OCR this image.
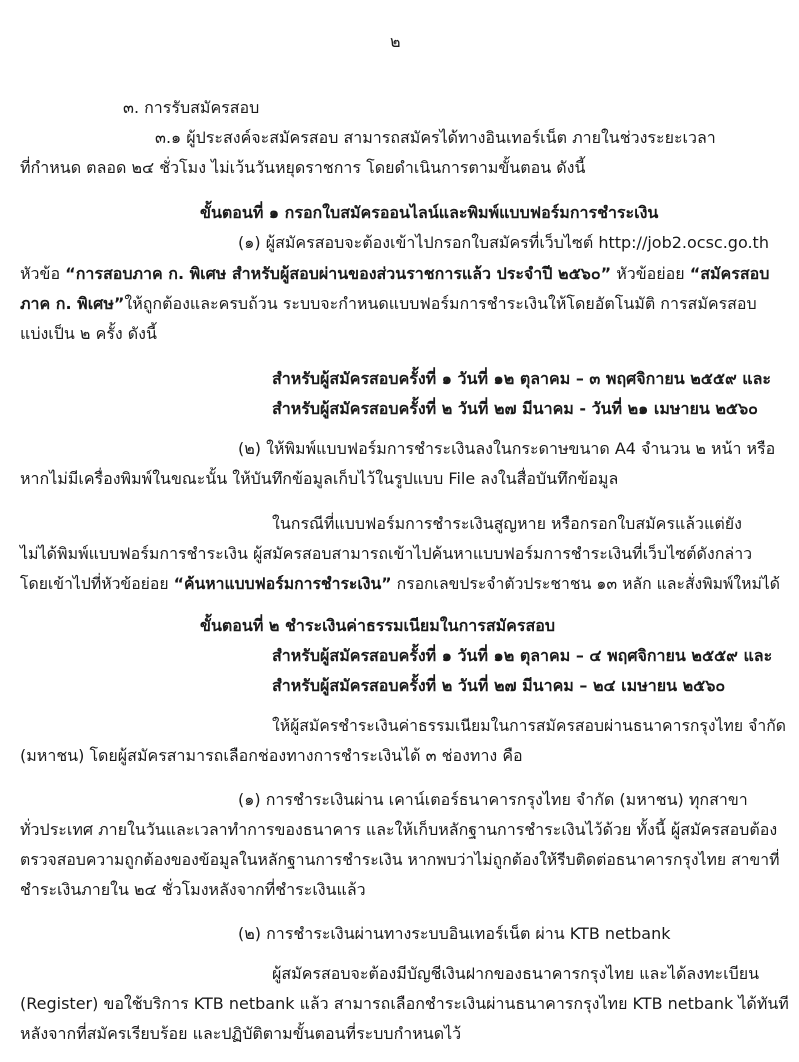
๒
๓. การรับสมัครสอบ
๓.๑ ผู้ประสงค์จะสมัครสอบ สามารถสมัครได้ทางอินเทอร์เน็ต ภายในช่วงระยะเวลา
ที่กำหนด ตลอด ๒๔ ชั่วโมง ไม่เว้นวันหยุดราชการ โดยดำเนินการตามขั้นตอน ดังนี้
ขั้นตอนที่ ๑ กรอกใบสมัครออนไลน์และพิมพ์แบบฟอร์มการชำระเงิน
(๑) ผู้สมัครสอบจะต้องเข้าไปกรอกใบสมัครที่เว็บไซต์ http://job2.ocsc.go.th
หัวข้อ “การสอบภาค ก. พิเศษ สำหรับผู้สอบผ่านของส่วนราชการแล้ว ประจำปี ๒๕๖๐” หัวข้อย่อย “สมัครสอบ
ภาค ก. พิเศษ”ให้ถูกต้องและครบถ้วน ระบบจะกำหนดแบบฟอร์มการชำระเงินให้โดยอัตโนมัติ การสมัครสอบ
แบ่งเป็น ๒ ครั้ง ดังนี้
สำหรับผู้สมัครสอบครั้งที่ ๑ วันที่ ๑๒ ตุลาคม – ๓ พฤศจิกายน ๒๕๕๙ และ
สำหรับผู้สมัครสอบครั้งที่ ๒ วันที่ ๒๗ มีนาคม - วันที่ ๒๑ เมษายน ๒๕๖๐
(๒) ให้พิมพ์แบบฟอร์มการชำระเงินลงในกระดาษขนาด A4 จำนวน ๒ หน้า หรือ
หากไม่มีเครื่องพิมพ์ในขณะนั้น ให้บันทึกข้อมูลเก็บไว้ในรูปแบบ File ลงในสื่อบันทึกข้อมูล
ในกรณีที่แบบฟอร์มการชำระเงินสูญหาย หรือกรอกใบสมัครแล้วแต่ยัง
ไม่ได้พิมพ์แบบฟอร์มการชำระเงิน ผู้สมัครสอบสามารถเข้าไปค้นหาแบบฟอร์มการชำระเงินที่เว็บไซต์ดังกล่าว
โดยเข้าไปที่หัวข้อย่อย “ค้นหาแบบฟอร์มการชำระเงิน” กรอกเลขประจำตัวประชาชน ๑๓ หลัก และสั่งพิมพ์ใหม่ได้
ขั้นตอนที่ ๒ ชำระเงินค่าธรรมเนียมในการสมัครสอบ
สำหรับผู้สมัครสอบครั้งที่ ๑ วันที่ ๑๒ ตุลาคม – ๔ พฤศจิกายน ๒๕๕๙ และ
สำหรับผู้สมัครสอบครั้งที่ ๒ วันที่ ๒๗ มีนาคม – ๒๔ เมษายน ๒๕๖๐
ให้ผู้สมัครชำระเงินค่าธรรมเนียมในการสมัครสอบผ่านธนาคารกรุงไทย จำกัด
(มหาชน) โดยผู้สมัครสามารถเลือกช่องทางการชำระเงินได้ ๓ ช่องทาง คือ
(๑) การชำระเงินผ่าน เคาน์เตอร์ธนาคารกรุงไทย จำกัด (มหาชน) ทุกสาขา
ทั่วประเทศ ภายในวันและเวลาทำการของธนาคาร และให้เก็บหลักฐานการชำระเงินไว้ด้วย ทั้งนี้ ผู้สมัครสอบต้อง
ตรวจสอบความถูกต้องของข้อมูลในหลักฐานการชำระเงิน หากพบว่าไม่ถูกต้องให้รีบติดต่อธนาคารกรุงไทย สาขาที่
ชำระเงินภายใน ๒๔ ชั่วโมงหลังจากที่ชำระเงินแล้ว
(๒) การชำระเงินผ่านทางระบบอินเทอร์เน็ต ผ่าน KTB netbank
ผู้สมัครสอบจะต้องมีบัญชีเงินฝากของธนาคารกรุงไทย และได้ลงทะเบียน
(Register) ขอใช้บริการ KTB netbank แล้ว สามารถเลือกชำระเงินผ่านธนาคารกรุงไทย KTB netbank ได้ทันที
หลังจากที่สมัครเรียบร้อย และปฏิบัติตามขั้นตอนที่ระบบกำหนดไว้
